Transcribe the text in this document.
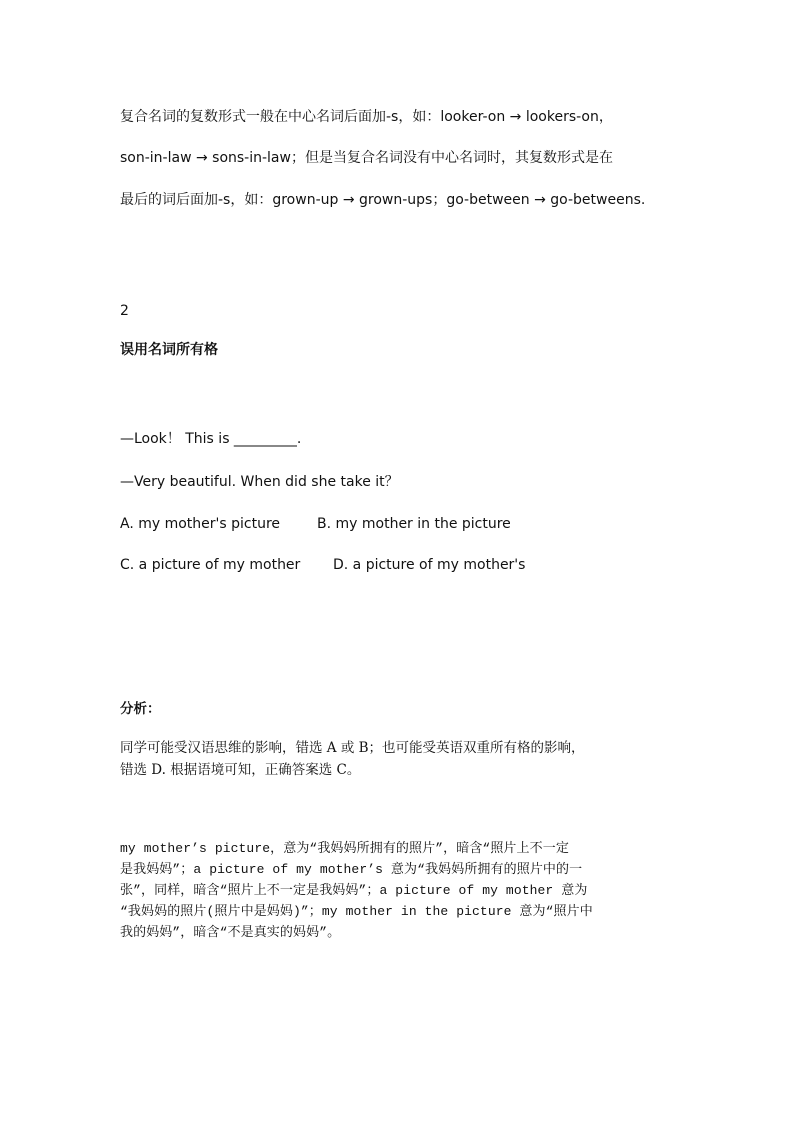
复合名词的复数形式一般在中心名词后面加-s，如：looker-on → lookers-on，
son-in-law → sons-in-law；但是当复合名词没有中心名词时，其复数形式是在
最后的词后面加-s，如：grown-up → grown-ups；go-between → go-betweens.
2
误用名词所有格
—Look！ This is _________.
—Very beautiful. When did she take it？
A. my mother's picture	B. my mother in the picture
C. a picture of my mother D. a picture of my mother's
分析：
同学可能受汉语思维的影响，错选 A 或 B；也可能受英语双重所有格的影响，
错选 D. 根据语境可知，正确答案选 C。
my mother’s picture，意为“我妈妈所拥有的照片”，暗含“照片上不一定
是我妈妈”；a picture of my mother’s 意为“我妈妈所拥有的照片中的一
张”，同样，暗含“照片上不一定是我妈妈”；a picture of my mother 意为
“我妈妈的照片(照片中是妈妈)”；my mother in the picture 意为“照片中
我的妈妈”，暗含“不是真实的妈妈”。
